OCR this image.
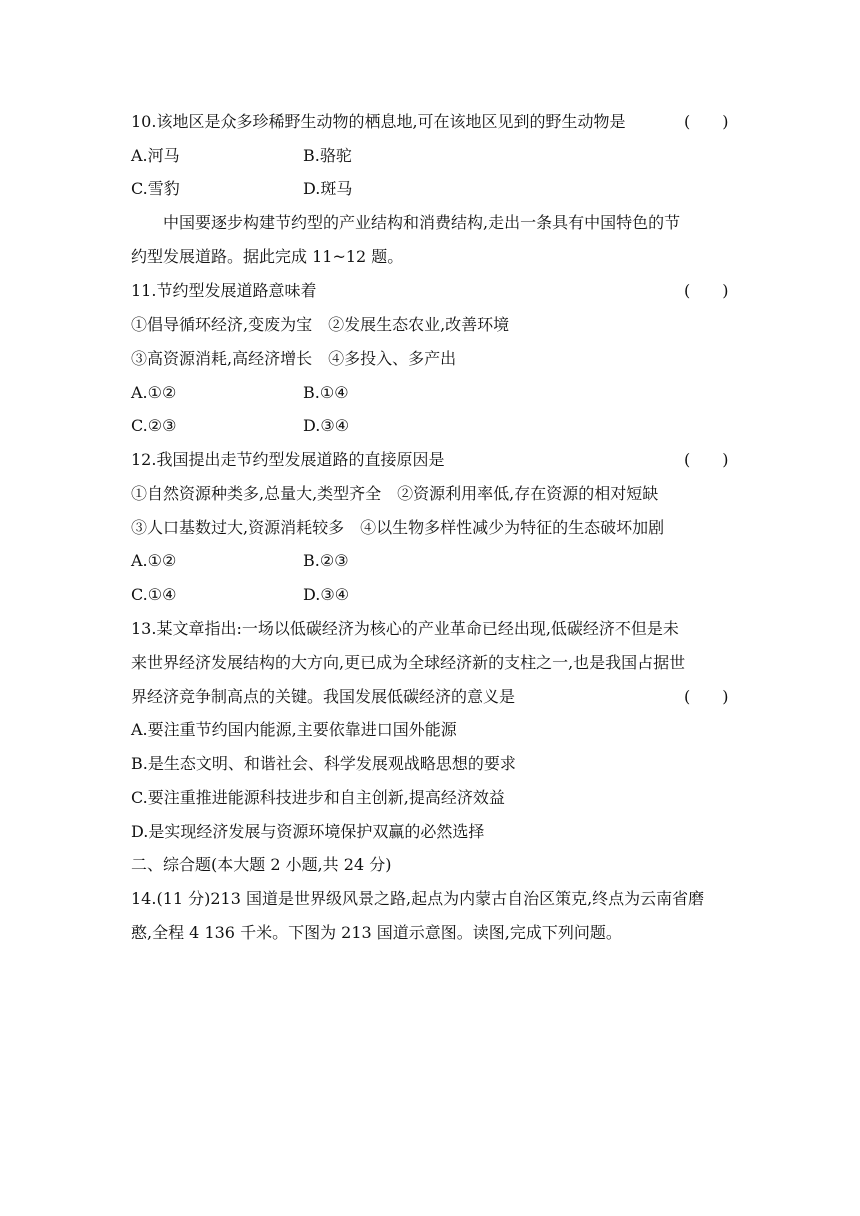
10.该地区是众多珍稀野生动物的栖息地,可在该地区见到的野生动物是	(　　)
A.河马	B.骆驼
C.雪豹	D.斑马
中国要逐步构建节约型的产业结构和消费结构,走出一条具有中国特色的节
约型发展道路。据此完成 11~12 题。
11.节约型发展道路意味着	(　　)
①倡导循环经济,变废为宝　②发展生态农业,改善环境
③高资源消耗,高经济增长　④多投入、多产出
A.①②	B.①④
C.②③	D.③④
12.我国提出走节约型发展道路的直接原因是	(　　)
①自然资源种类多,总量大,类型齐全　②资源利用率低,存在资源的相对短缺
③人口基数过大,资源消耗较多　④以生物多样性减少为特征的生态破坏加剧
A.①②	B.②③
C.①④	D.③④
13.某文章指出:一场以低碳经济为核心的产业革命已经出现,低碳经济不但是未
来世界经济发展结构的大方向,更已成为全球经济新的支柱之一,也是我国占据世
界经济竞争制高点的关键。我国发展低碳经济的意义是	(　　)
A.要注重节约国内能源,主要依靠进口国外能源
B.是生态文明、和谐社会、科学发展观战略思想的要求
C.要注重推进能源科技进步和自主创新,提高经济效益
D.是实现经济发展与资源环境保护双赢的必然选择
二、综合题(本大题 2 小题,共 24 分)
14.(11 分)213 国道是世界级风景之路,起点为内蒙古自治区策克,终点为云南省磨
憨,全程 4 136 千米。下图为 213 国道示意图。读图,完成下列问题。
